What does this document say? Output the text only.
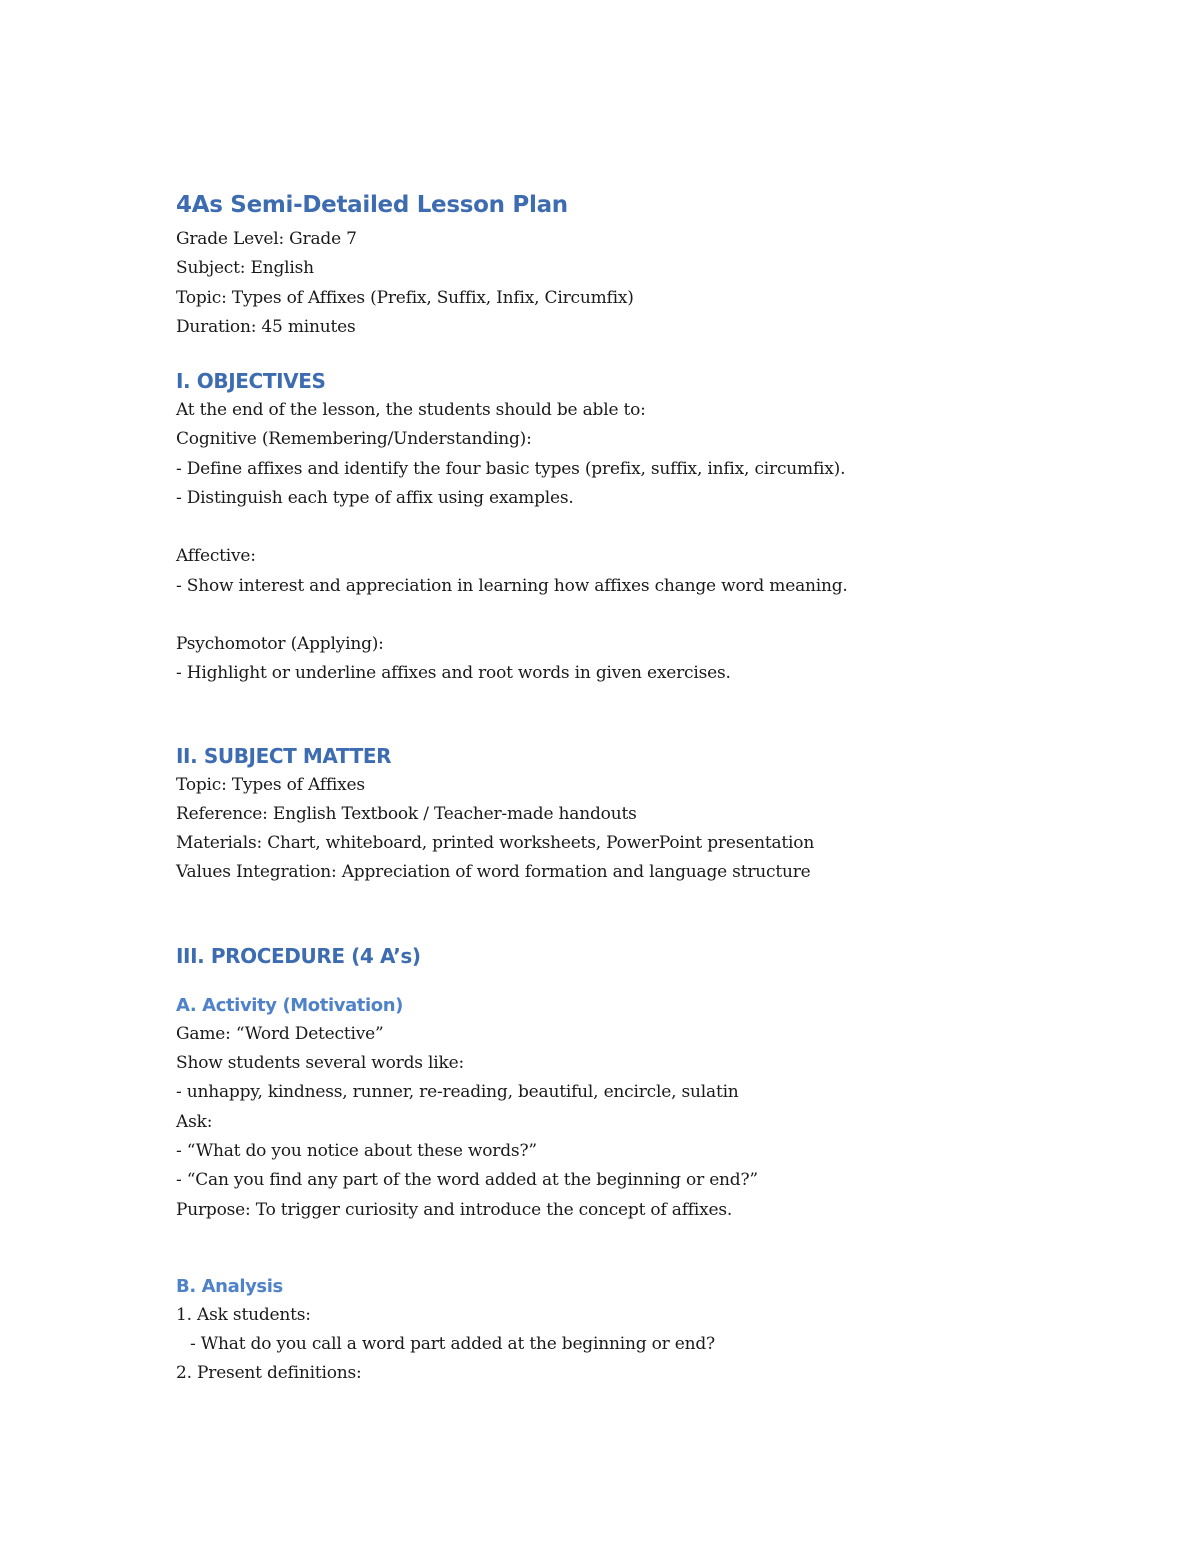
4As Semi-Detailed Lesson Plan
Grade Level: Grade 7
Subject: English
Topic: Types of Affixes (Prefix, Suffix, Infix, Circumfix)
Duration: 45 minutes
I. OBJECTIVES
At the end of the lesson, the students should be able to:
Cognitive (Remembering/Understanding):
- Define affixes and identify the four basic types (prefix, suffix, infix, circumfix).
- Distinguish each type of affix using examples.
Affective:
- Show interest and appreciation in learning how affixes change word meaning.
Psychomotor (Applying):
- Highlight or underline affixes and root words in given exercises.
II. SUBJECT MATTER
Topic: Types of Affixes
Reference: English Textbook / Teacher-made handouts
Materials: Chart, whiteboard, printed worksheets, PowerPoint presentation
Values Integration: Appreciation of word formation and language structure
III. PROCEDURE (4 A’s)
A. Activity (Motivation)
Game: “Word Detective”
Show students several words like:
- unhappy, kindness, runner, re-reading, beautiful, encircle, sulatin
Ask:
- “What do you notice about these words?”
- “Can you find any part of the word added at the beginning or end?”
Purpose: To trigger curiosity and introduce the concept of affixes.
B. Analysis
1. Ask students:
- What do you call a word part added at the beginning or end?
2. Present definitions:
